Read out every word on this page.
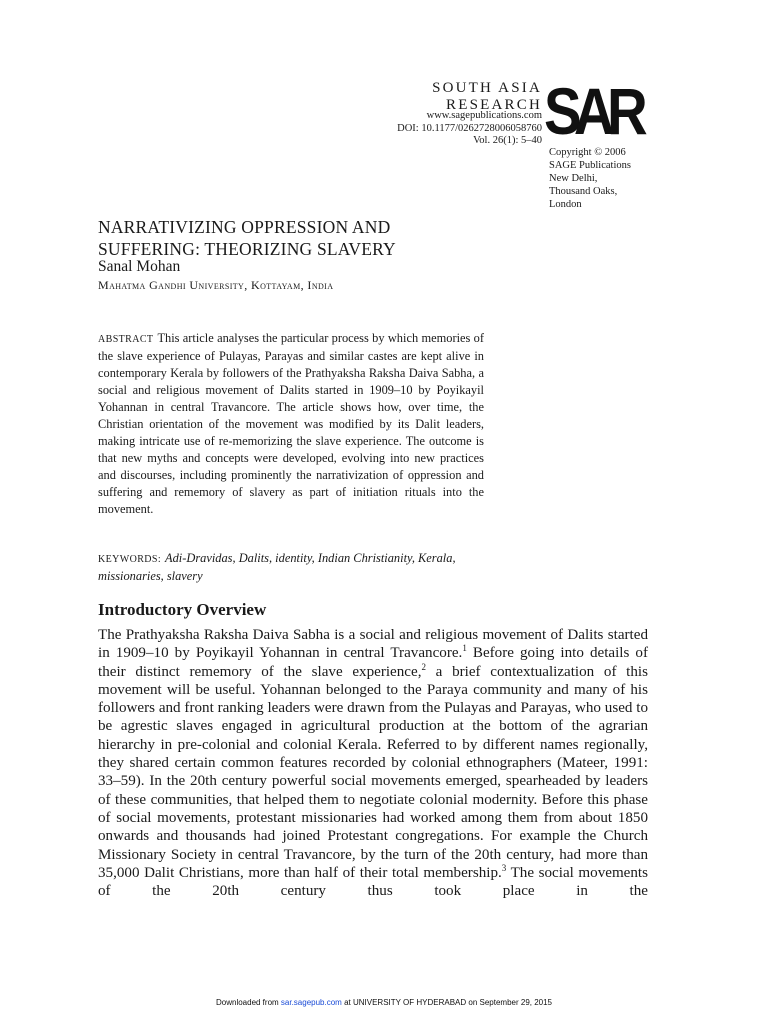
SOUTH ASIA
RESEARCH
www.sagepublications.com
DOI: 10.1177/0262728006058760
Vol. 26(1): 5–40 SAR
Copyright © 2006
SAGE Publications
New Delhi,
Thousand Oaks,
London
NARRATIVIZING OPPRESSION AND
SUFFERING: THEORIZING SLAVERY
Sanal Mohan
Mahatma Gandhi University, Kottayam, India

ABSTRACT This article analyses the particular process by which memories of the slave experience of Pulayas, Parayas and similar castes are kept alive in contemporary Kerala by followers of the Prathyaksha Raksha Daiva Sabha, a social and religious movement of Dalits started in 1909–10 by Poyikayil Yohannan in central Travancore. The article shows how, over time, the Christian orientation of the movement was modified by its Dalit leaders, making intricate use of re-memorizing the slave experience. The outcome is that new myths and concepts were developed, evolving into new practices and discourses, including prominently the narrativization of oppression and suffering and rememory of slavery as part of initiation rituals into the movement.

KEYWORDS: Adi-Dravidas, Dalits, identity, Indian Christianity, Kerala, missionaries, slavery

Introductory Overview

The Prathyaksha Raksha Daiva Sabha is a social and religious movement of Dalits started in 1909–10 by Poyikayil Yohannan in central Travancore.$^1$ Before going into details of their distinct rememory of the slave experience,$^2$ a brief contextualization of this movement will be useful. Yohannan belonged to the Paraya community and many of his followers and front ranking leaders were drawn from the Pulayas and Parayas, who used to be agrestic slaves engaged in agricultural production at the bottom of the agrarian hierarchy in pre-colonial and colonial Kerala. Referred to by different names regionally, they shared certain common features recorded by colonial ethnographers (Mateer, 1991: 33–59). In the 20th century powerful social movements emerged, spearheaded by leaders of these communities, that helped them to negotiate colonial modernity. Before this phase of social movements, protestant missionaries had worked among them from about 1850 onwards and thousands had joined Protestant congregations. For example the Church Missionary Society in central Travancore, by the turn of the 20th century, had more than 35,000 Dalit Christians, more than half of their total membership.$^3$ The social movements of the 20th century thus took place in the

Downloaded from sar.sagepub.com at UNIVERSITY OF HYDERABAD on September 29, 2015
